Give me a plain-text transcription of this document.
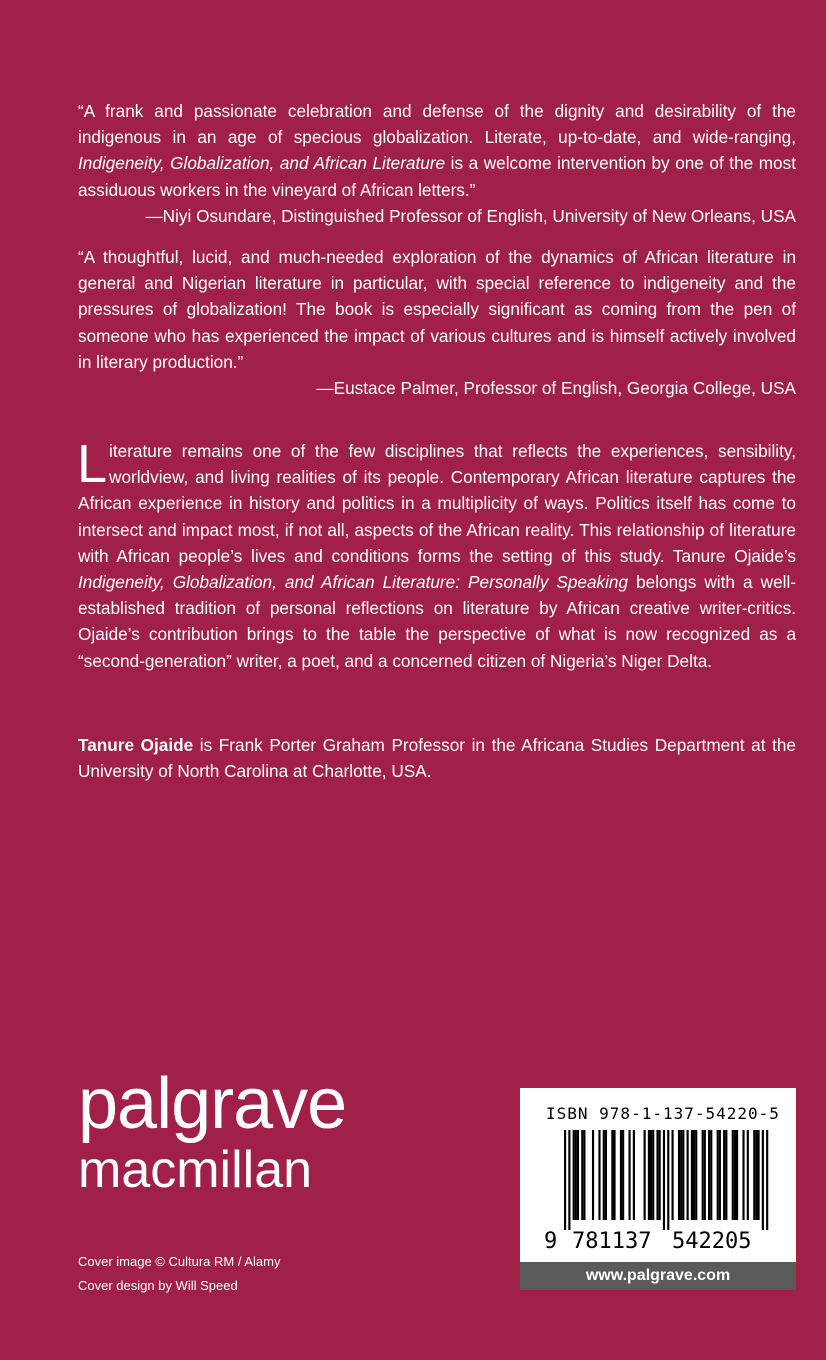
“A frank and passionate celebration and defense of the dignity and desirability of the indigenous in an age of specious globalization. Literate, up-to-date, and wide-ranging, Indigeneity, Globalization, and African Literature is a welcome intervention by one of the most assiduous workers in the vineyard of African letters.”
—Niyi Osundare, Distinguished Professor of English, University of New Orleans, USA
“A thoughtful, lucid, and much-needed exploration of the dynamics of African literature in general and Nigerian literature in particular, with special reference to indigeneity and the pressures of globalization! The book is especially significant as coming from the pen of someone who has experienced the impact of various cultures and is himself actively involved in literary production.”
—Eustace Palmer, Professor of English, Georgia College, USA
Literature remains one of the few disciplines that reflects the experiences, sensibility, worldview, and living realities of its people. Contemporary African literature captures the African experience in history and politics in a multiplicity of ways. Politics itself has come to intersect and impact most, if not all, aspects of the African reality. This relationship of literature with African people’s lives and conditions forms the setting of this study. Tanure Ojaide’s Indigeneity, Globalization, and African Literature: Personally Speaking belongs with a well-established tradition of personal reflections on literature by African creative writer-critics. Ojaide’s contribution brings to the table the perspective of what is now recognized as a “second-generation” writer, a poet, and a concerned citizen of Nigeria’s Niger Delta.
Tanure Ojaide is Frank Porter Graham Professor in the Africana Studies Department at the University of North Carolina at Charlotte, USA.
palgrave
macmillan
Cover image © Cultura RM / Alamy
Cover design by Will Speed
ISBN 978-1-137-54220-5
9 781137 542205
www.palgrave.com
